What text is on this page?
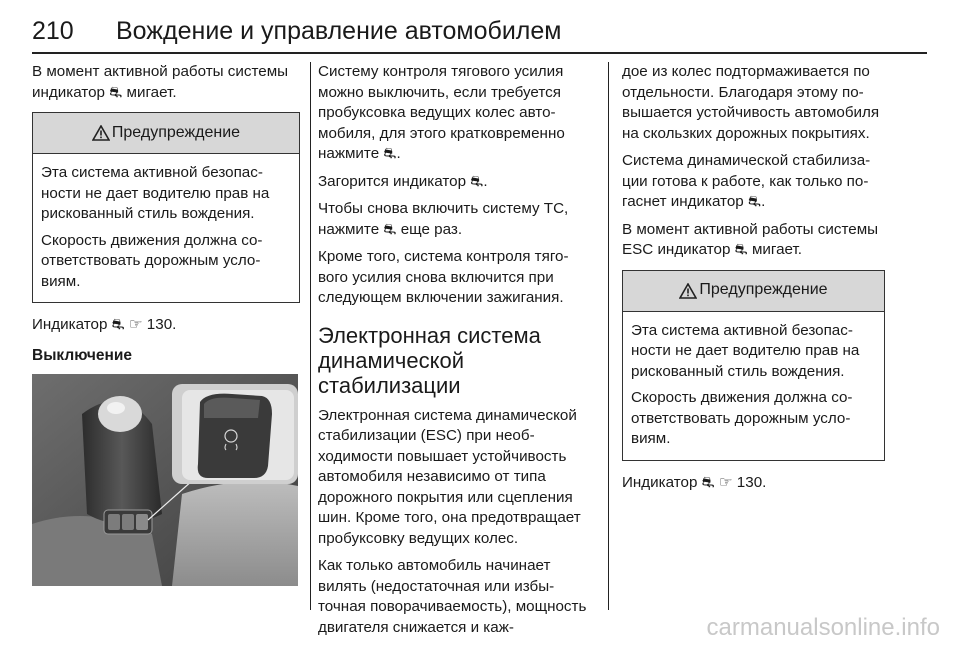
210 Вождение и управление автомобилем

В момент активной работы системы индикатор ⛐ мигает.

Предупреждение

Эта система активной безопасности не дает водителю прав на рискованный стиль вождения.

Скорость движения должна соответствовать дорожным условиям.

Индикатор ⛐ ☞ 130.

Выключение

Систему контроля тягового усилия можно выключить, если требуется пробуксовка ведущих колес автомобиля, для этого кратковременно нажмите ⛐.

Загорится индикатор ⛐.

Чтобы снова включить систему TC, нажмите ⛐ еще раз.

Кроме того, система контроля тягового усилия снова включится при следующем включении зажигания.

Электронная система динамической стабилизации

Электронная система динамической стабилизации (ESC) при необходимости повышает устойчивость автомобиля независимо от типа дорожного покрытия или сцепления шин. Кроме того, она предотвращает пробуксовку ведущих колес.

Как только автомобиль начинает вилять (недостаточная или избыточная поворачиваемость), мощность двигателя снижается и каж-

дое из колес подтормаживается по отдельности. Благодаря этому повышается устойчивость автомобиля на скользких дорожных покрытиях.

Система динамической стабилизации готова к работе, как только погаснет индикатор ⛐.

В момент активной работы системы ESC индикатор ⛐ мигает.

Предупреждение

Эта система активной безопасности не дает водителю прав на рискованный стиль вождения.

Скорость движения должна соответствовать дорожным условиям.

Индикатор ⛐ ☞ 130.

carmanualsonline.info
